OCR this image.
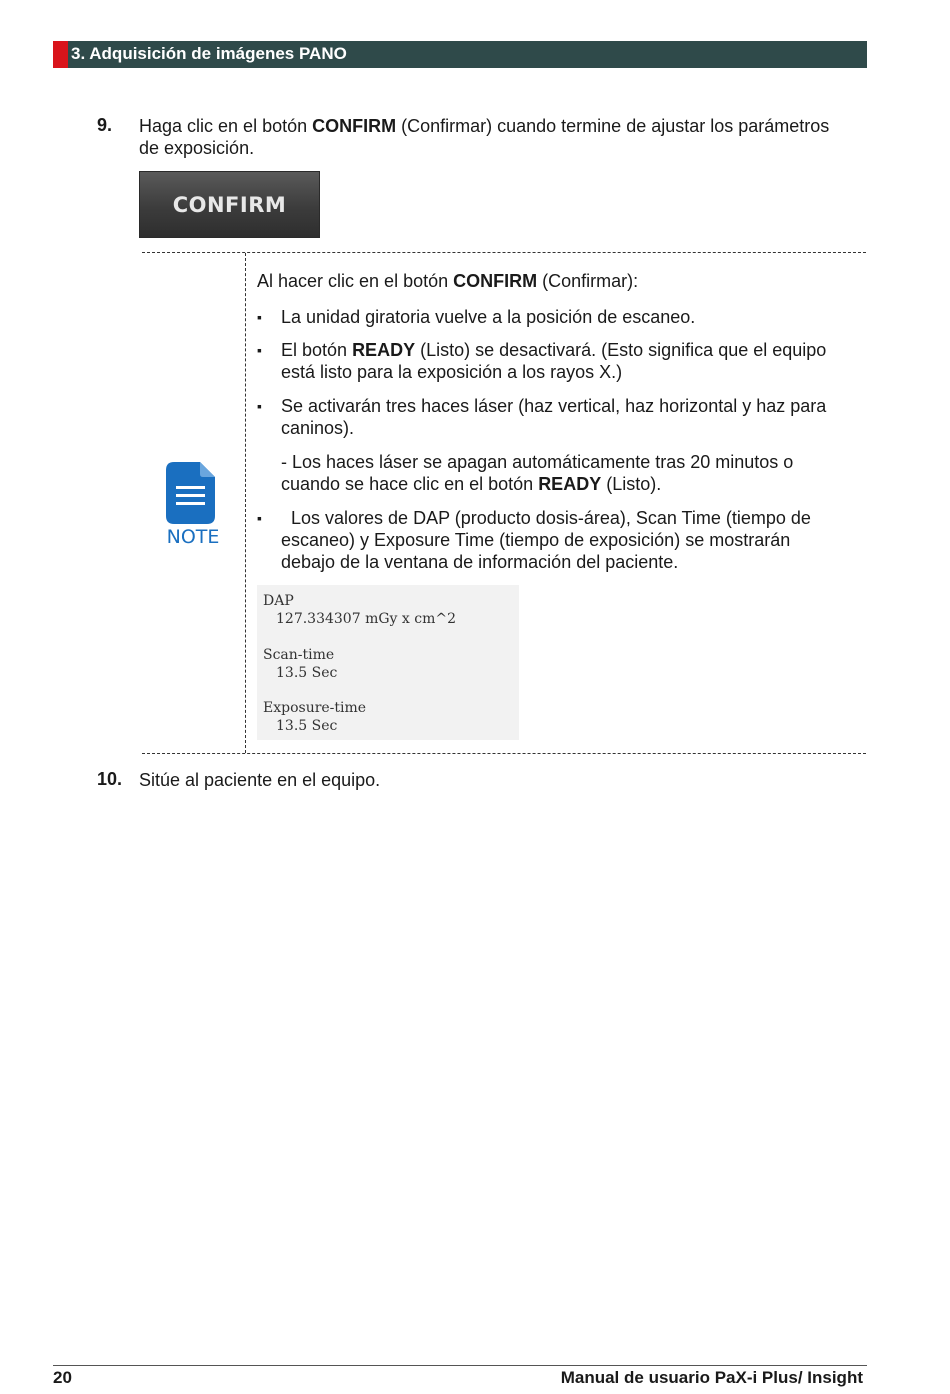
3. Adquisición de imágenes PANO
9. Haga clic en el botón CONFIRM (Confirmar) cuando termine de ajustar los parámetros
de exposición.
CONFIRM
NOTE
Al hacer clic en el botón CONFIRM (Confirmar):
▪ La unidad giratoria vuelve a la posición de escaneo.
▪ El botón READY (Listo) se desactivará. (Esto significa que el equipo
está listo para la exposición a los rayos X.)
▪ Se activarán tres haces láser (haz vertical, haz horizontal y haz para
caninos).
- Los haces láser se apagan automáticamente tras 20 minutos o
cuando se hace clic en el botón READY (Listo).
▪ Los valores de DAP (producto dosis-área), Scan Time (tiempo de
escaneo) y Exposure Time (tiempo de exposición) se mostrarán
debajo de la ventana de información del paciente.
DAP
127.334307 mGy x cm^2
Scan-time
13.5 Sec
Exposure-time
13.5 Sec
10. Sitúe al paciente en el equipo.
20	Manual de usuario PaX-i Plus/ Insight
